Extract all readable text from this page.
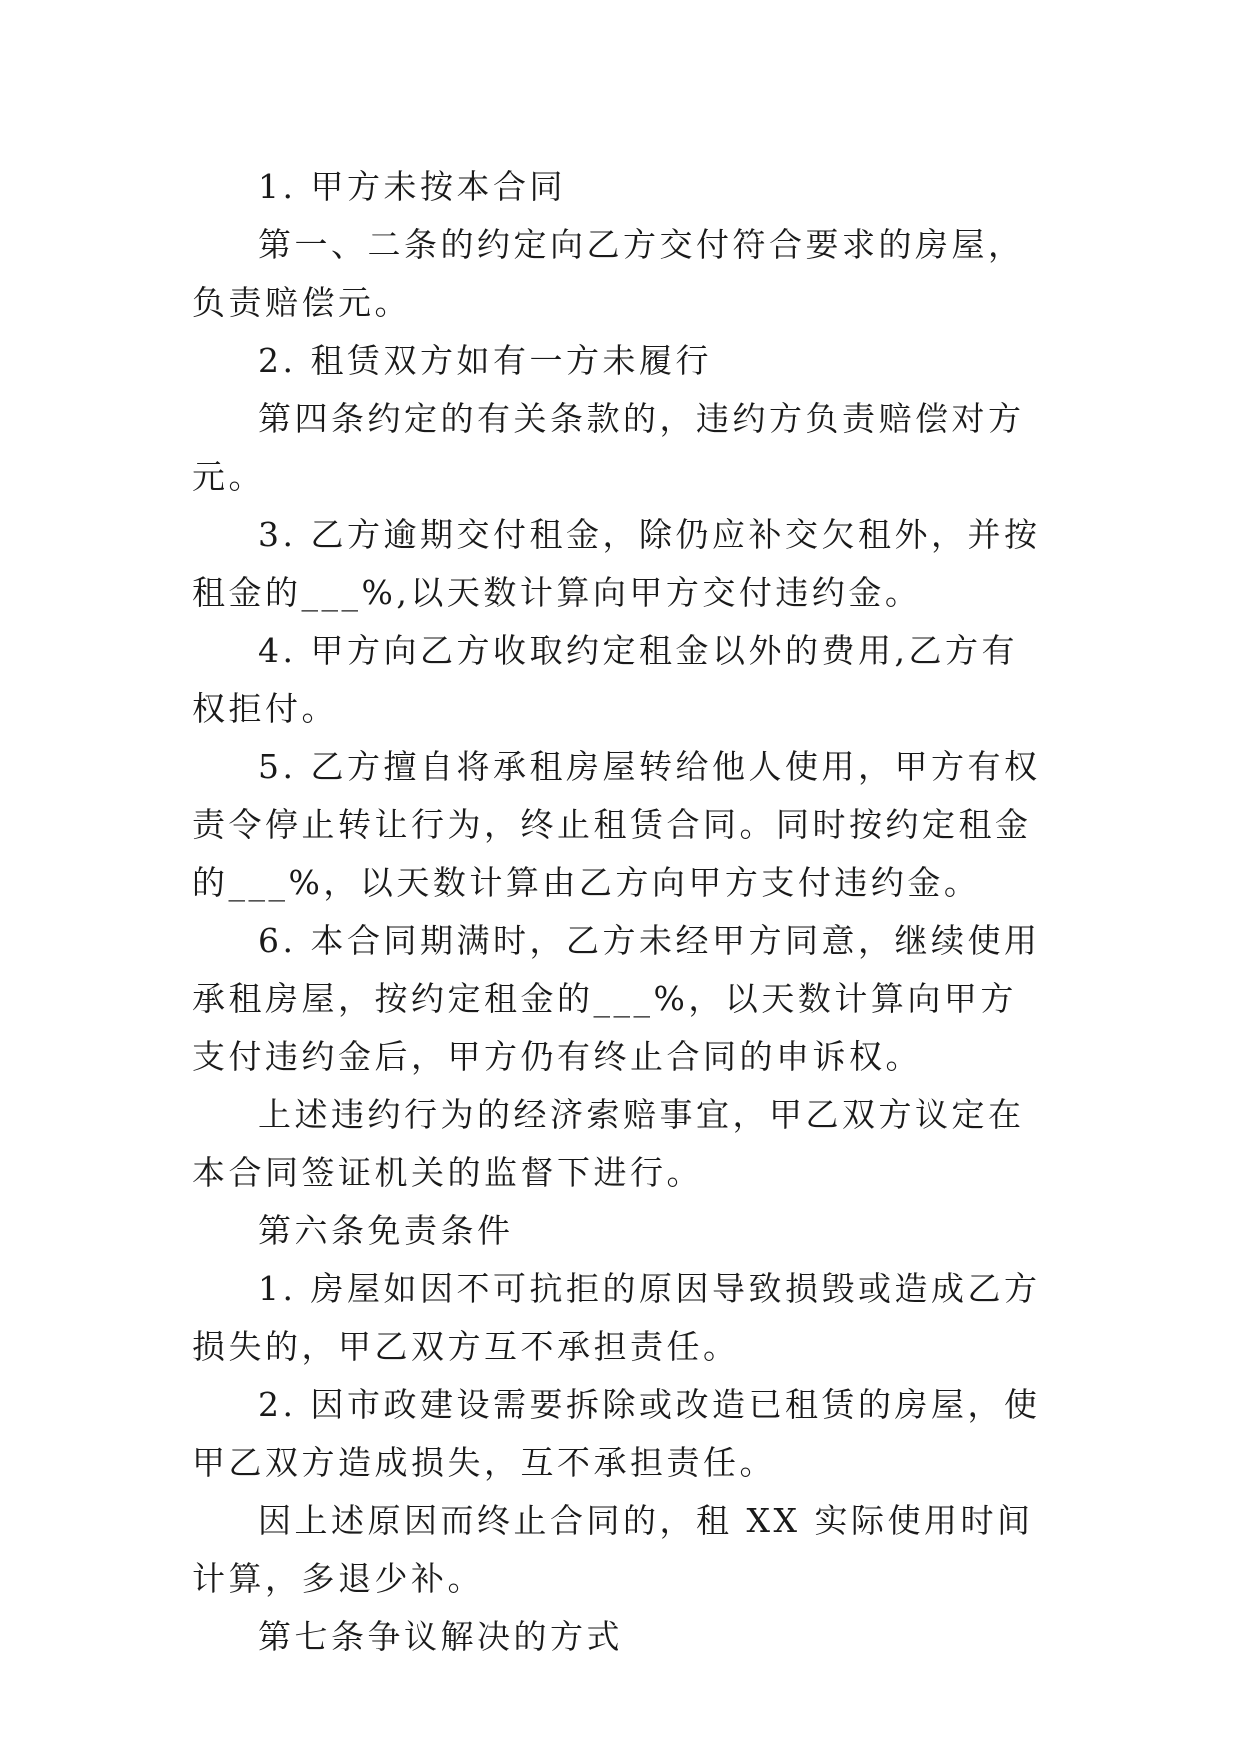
1. 甲方未按本合同

第一、二条的约定向乙方交付符合要求的房屋，负责赔偿元。

2. 租赁双方如有一方未履行

第四条约定的有关条款的，违约方负责赔偿对方元。

3. 乙方逾期交付租金，除仍应补交欠租外，并按租金的___%,以天数计算向甲方交付违约金。

4. 甲方向乙方收取约定租金以外的费用,乙方有权拒付。

5. 乙方擅自将承租房屋转给他人使用，甲方有权责令停止转让行为，终止租赁合同。同时按约定租金的___%，以天数计算由乙方向甲方支付违约金。

6. 本合同期满时，乙方未经甲方同意，继续使用承租房屋，按约定租金的___%，以天数计算向甲方支付违约金后，甲方仍有终止合同的申诉权。

上述违约行为的经济索赔事宜，甲乙双方议定在本合同签证机关的监督下进行。

第六条免责条件

1. 房屋如因不可抗拒的原因导致损毁或造成乙方损失的，甲乙双方互不承担责任。

2. 因市政建设需要拆除或改造已租赁的房屋，使甲乙双方造成损失，互不承担责任。

因上述原因而终止合同的，租 XX 实际使用时间计算，多退少补。

第七条争议解决的方式
